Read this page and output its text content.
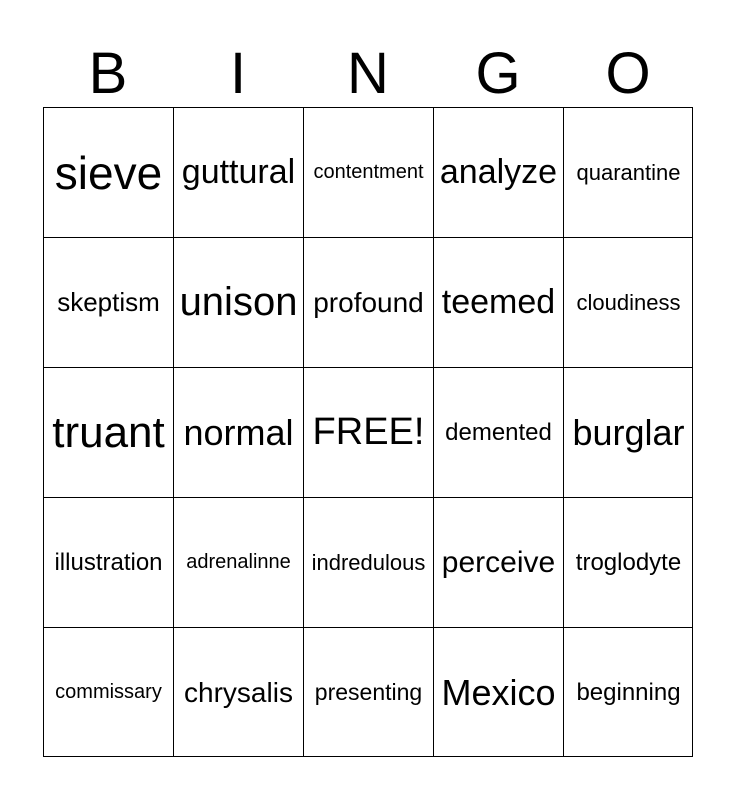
B	I	N	G	O
sieve guttural contentment analyze quarantine
skeptism unison profound teemed cloudiness
truant normal FREE! demented burglar
illustration	adrenalinne indredulous perceive troglodyte
commissary chrysalis presenting Mexico beginning
